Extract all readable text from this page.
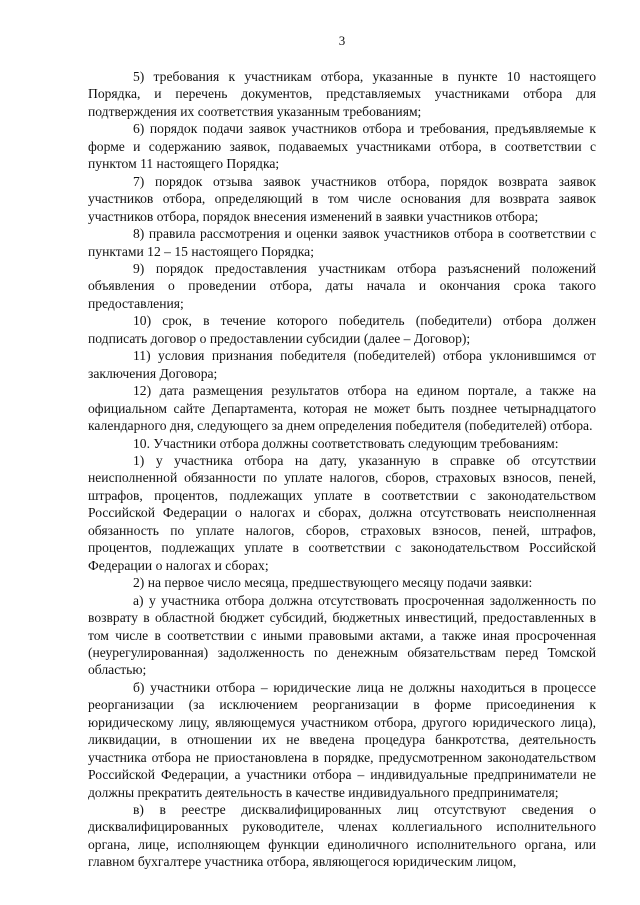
3

5) требования к участникам отбора, указанные в пункте 10 настоящего Порядка, и перечень документов, представляемых участниками отбора для подтверждения их соответствия указанным требованиям;

6) порядок подачи заявок участников отбора и требования, предъявляемые к форме и содержанию заявок, подаваемых участниками отбора, в соответствии с пунктом 11 настоящего Порядка;

7) порядок отзыва заявок участников отбора, порядок возврата заявок участников отбора, определяющий в том числе основания для возврата заявок участников отбора, порядок внесения изменений в заявки участников отбора;

8) правила рассмотрения и оценки заявок участников отбора в соответствии с пунктами 12 – 15 настоящего Порядка;

9) порядок предоставления участникам отбора разъяснений положений объявления о проведении отбора, даты начала и окончания срока такого предоставления;

10) срок, в течение которого победитель (победители) отбора должен подписать договор о предоставлении субсидии (далее – Договор);

11) условия признания победителя (победителей) отбора уклонившимся от заключения Договора;

12) дата размещения результатов отбора на едином портале, а также на официальном сайте Департамента, которая не может быть позднее четырнадцатого календарного дня, следующего за днем определения победителя (победителей) отбора.

10. Участники отбора должны соответствовать следующим требованиям:

1) у участника отбора на дату, указанную в справке об отсутствии неисполненной обязанности по уплате налогов, сборов, страховых взносов, пеней, штрафов, процентов, подлежащих уплате в соответствии с законодательством Российской Федерации о налогах и сборах, должна отсутствовать неисполненная обязанность по уплате налогов, сборов, страховых взносов, пеней, штрафов, процентов, подлежащих уплате в соответствии с законодательством Российской Федерации о налогах и сборах;

2) на первое число месяца, предшествующего месяцу подачи заявки:

а) у участника отбора должна отсутствовать просроченная задолженность по возврату в областной бюджет субсидий, бюджетных инвестиций, предоставленных в том числе в соответствии с иными правовыми актами, а также иная просроченная (неурегулированная) задолженность по денежным обязательствам перед Томской областью;

б) участники отбора – юридические лица не должны находиться в процессе реорганизации (за исключением реорганизации в форме присоединения к юридическому лицу, являющемуся участником отбора, другого юридического лица), ликвидации, в отношении их не введена процедура банкротства, деятельность участника отбора не приостановлена в порядке, предусмотренном законодательством Российской Федерации, а участники отбора – индивидуальные предприниматели не должны прекратить деятельность в качестве индивидуального предпринимателя;

в) в реестре дисквалифицированных лиц отсутствуют сведения о дисквалифицированных руководителе, членах коллегиального исполнительного органа, лице, исполняющем функции единоличного исполнительного органа, или главном бухгалтере участника отбора, являющегося юридическим лицом,
